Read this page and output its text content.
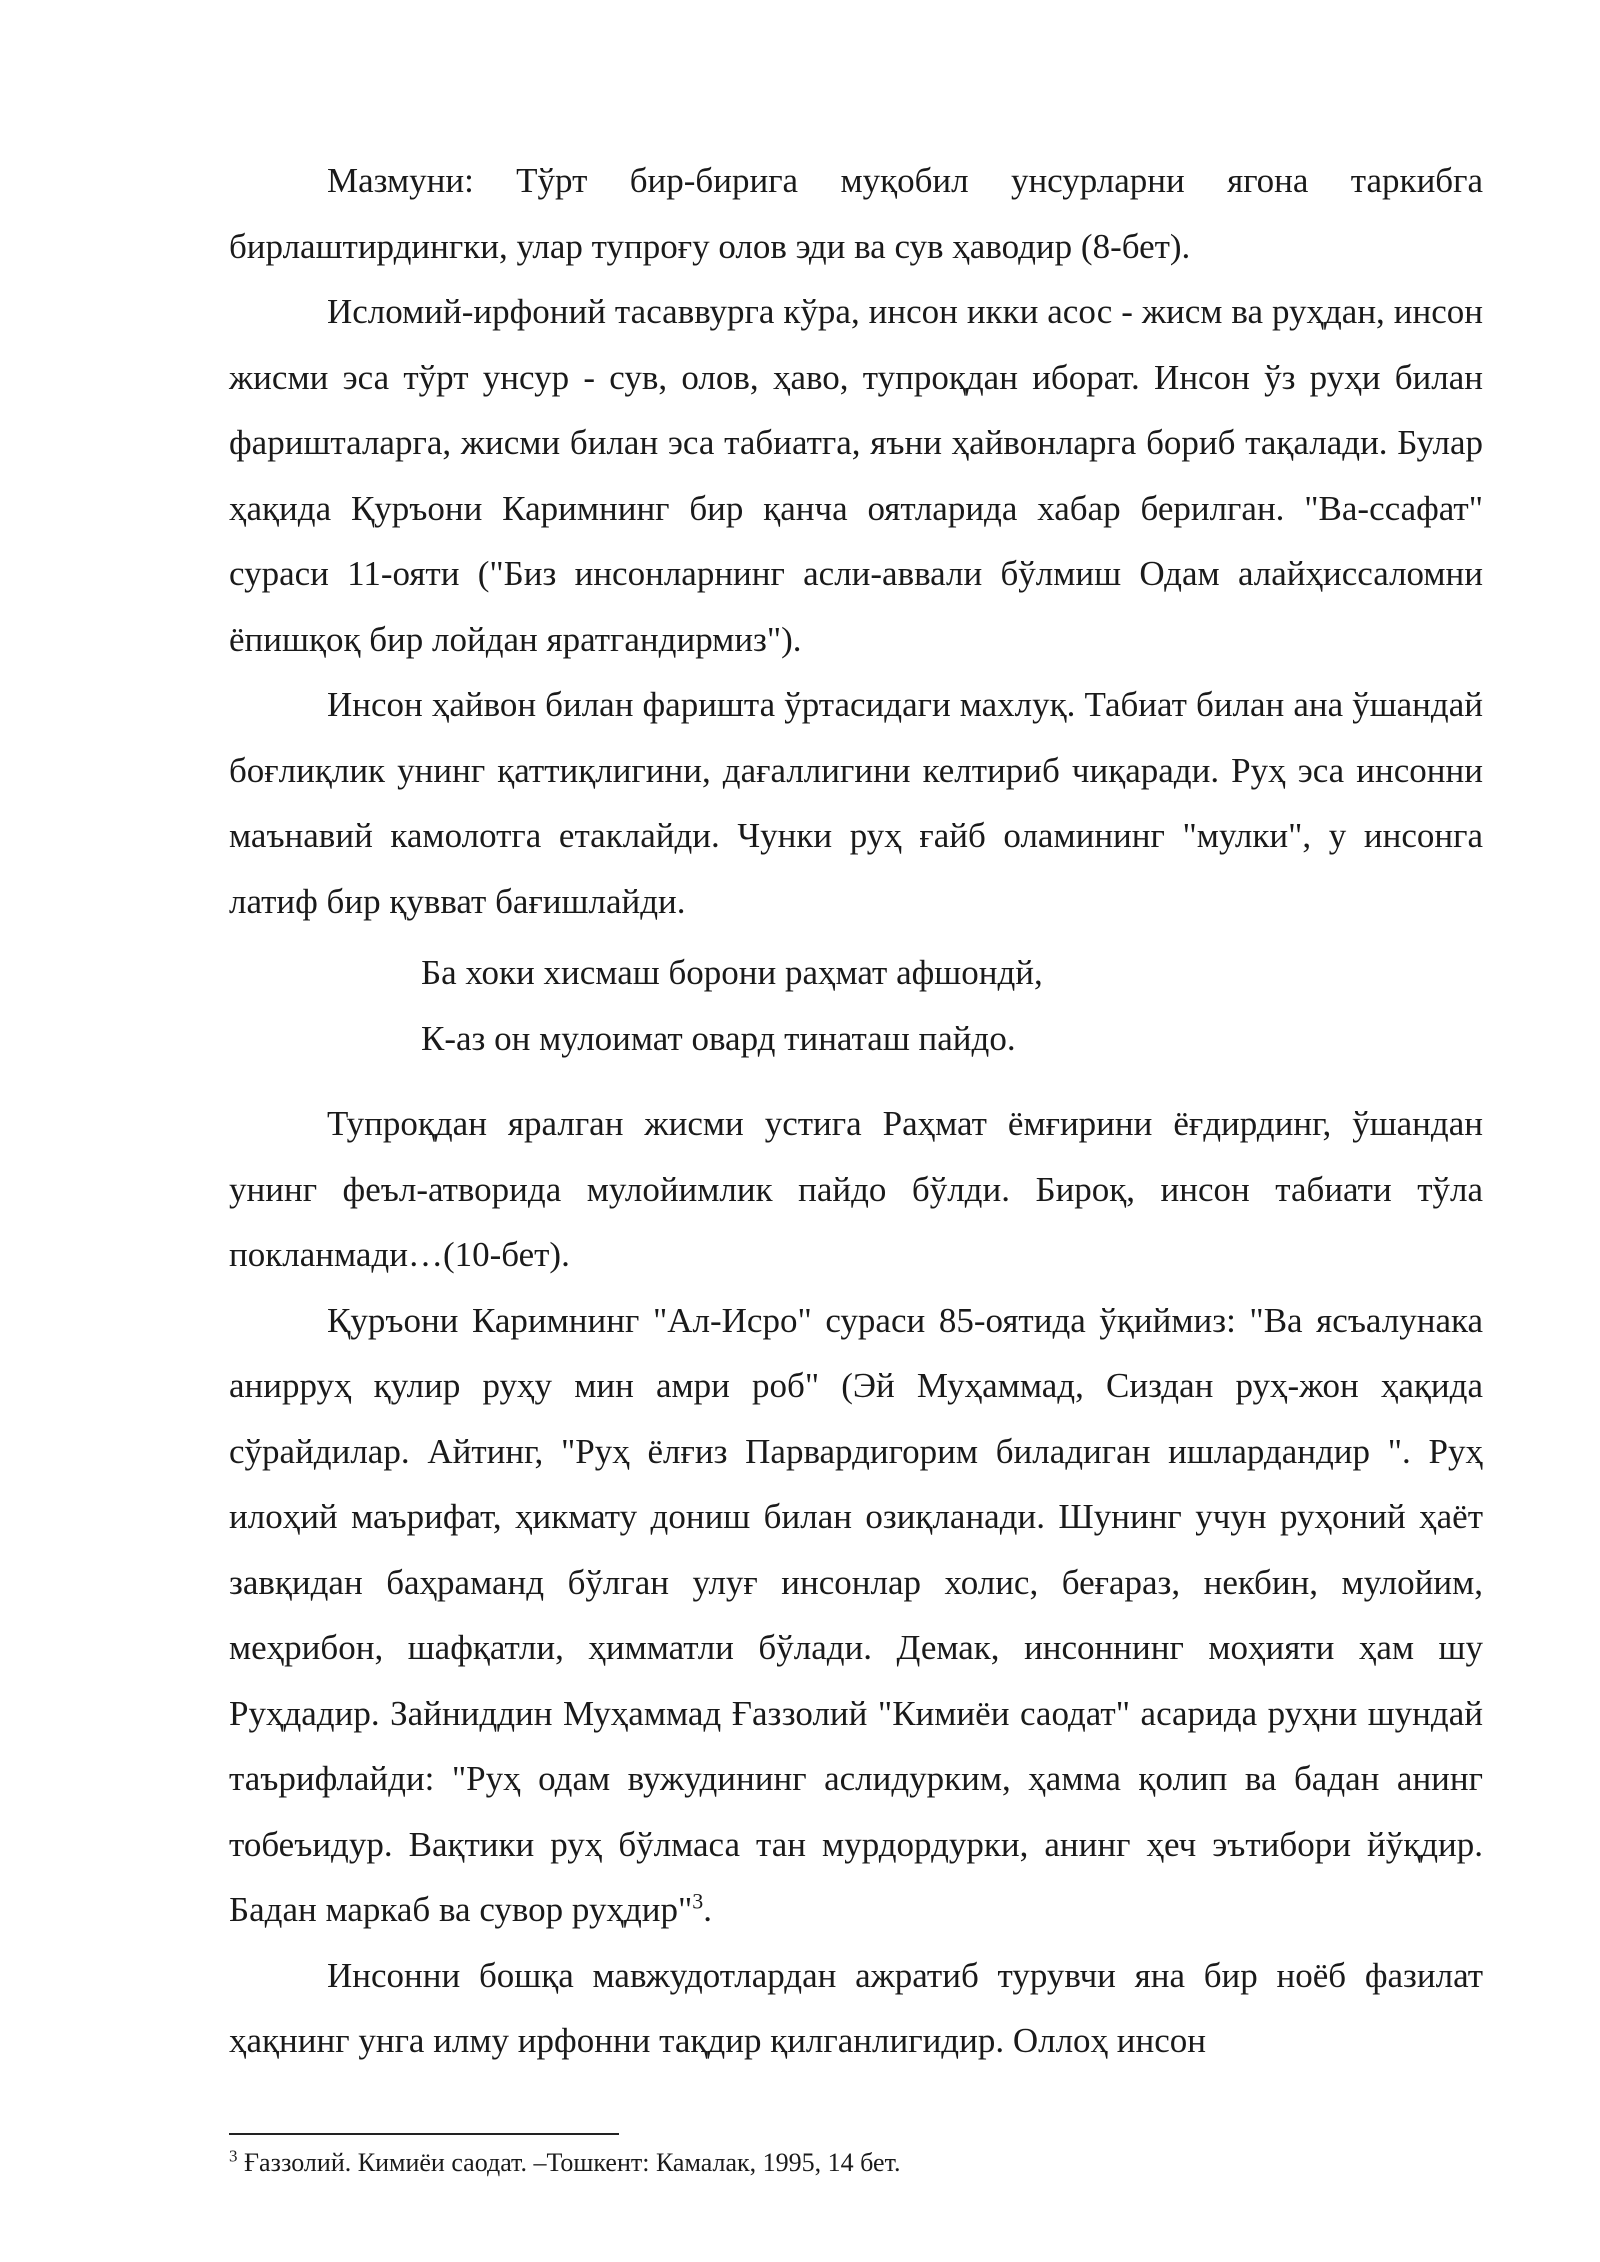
Мазмуни: Тўрт бир-бирига муқобил унсурларни ягона таркибга бирлаштирдингки, улар тупроғу олов эди ва сув ҳаводир (8-бет).

Исломий-ирфоний тасаввурга кўра, инсон икки асос - жисм ва руҳдан, инсон жисми эса тўрт унсур - сув, олов, ҳаво, тупроқдан иборат. Инсон ўз руҳи билан фаришталарга, жисми билан эса табиатга, яъни ҳайвонларга бориб тақалади. Булар ҳақида Қуръони Каримнинг бир қанча оятларида хабар берилган. "Ва-ссафат" сураси 11-ояти ("Биз инсонларнинг асли-аввали бўлмиш Одам алайҳиссаломни ёпишқоқ бир лойдан яратгандирмиз").

Инсон ҳайвон билан фаришта ўртасидаги махлуқ. Табиат билан ана ўшандай боғлиқлик унинг қаттиқлигини, дағаллигини келтириб чиқаради. Руҳ эса инсонни маънавий камолотга етаклайди. Чунки руҳ ғайб оламининг "мулки", у инсонга латиф бир қувват бағишлайди.

Ба хоки хисмаш борони раҳмат афшондй,

К-аз он мулоимат овард тинаташ пайдо.

Тупроқдан яралган жисми устига Раҳмат ёмғирини ёғдирдинг, ўшандан унинг феъл-атворида мулойимлик пайдо бўлди. Бироқ, инсон табиати тўла покланмади…(10-бет).

Қуръони Каримнинг "Ал-Исро" сураси 85-оятида ўқиймиз: "Ва ясъалунака анирруҳ қулир руҳу мин амри роб" (Эй Муҳаммад, Сиздан руҳ-жон ҳақида сўрайдилар. Айтинг, "Руҳ ёлғиз Парвардигорим биладиган ишлардандир ". Руҳ илоҳий маърифат, ҳикмату дониш билан озиқланади. Шунинг учун руҳоний ҳаёт завқидан баҳраманд бўлган улуғ инсонлар холис, беғараз, некбин, мулойим, меҳрибон, шафқатли, ҳимматли бўлади. Демак, инсоннинг моҳияти ҳам шу Руҳдадир. Зайниддин Муҳаммад Ғаззолий "Кимиёи саодат" асарида руҳни шундай таърифлайди: "Руҳ одам вужудининг аслидурким, ҳамма қолип ва бадан анинг тобеъидур. Вақтики руҳ бўлмаса тан мурдордурки, анинг ҳеч эътибори йўқдир. Бадан маркаб ва сувор руҳдир"$^3$.

Инсонни бошқа мавжудотлардан ажратиб турувчи яна бир ноёб фазилат ҳақнинг унга илму ирфонни тақдир қилганлигидир. Оллоҳ инсон

$^3$ Ғаззолий. Кимиёи саодат. –Тошкент: Камалак, 1995, 14 бет.
